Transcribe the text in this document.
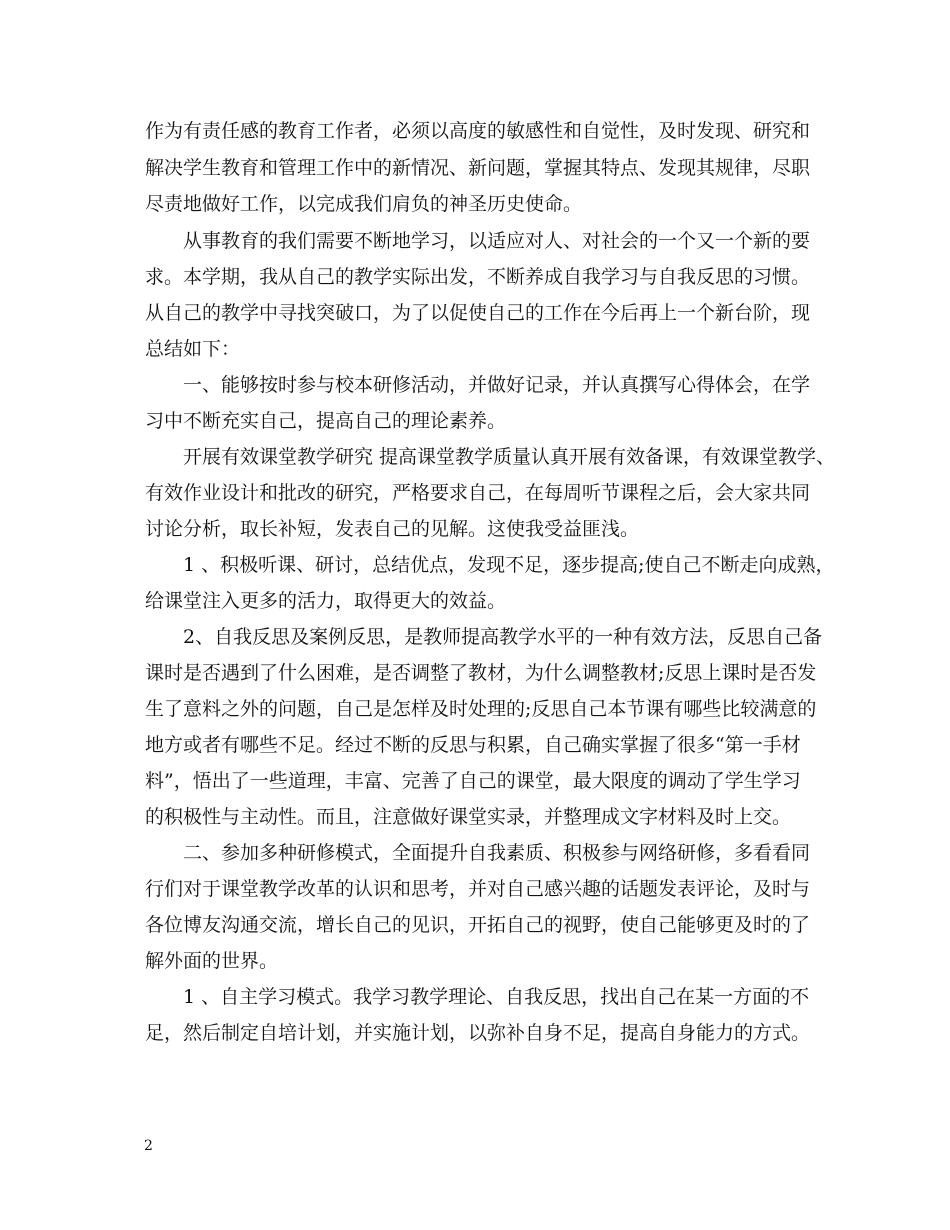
作为有责任感的教育工作者，必须以高度的敏感性和自觉性，及时发现、研究和
解决学生教育和管理工作中的新情况、新问题，掌握其特点、发现其规律，尽职
尽责地做好工作，以完成我们肩负的神圣历史使命。
从事教育的我们需要不断地学习，以适应对人、对社会的一个又一个新的要
求。本学期，我从自己的教学实际出发，不断养成自我学习与自我反思的习惯。
从自己的教学中寻找突破口，为了以促使自己的工作在今后再上一个新台阶，现
总结如下：
一、能够按时参与校本研修活动，并做好记录，并认真撰写心得体会，在学
习中不断充实自己，提高自己的理论素养。
开展有效课堂教学研究 提高课堂教学质量认真开展有效备课，有效课堂教学、
有效作业设计和批改的研究，严格要求自己，在每周听节课程之后，会大家共同
讨论分析，取长补短，发表自己的见解。这使我受益匪浅。
1 、积极听课、研讨，总结优点，发现不足，逐步提高;使自己不断走向成熟，
给课堂注入更多的活力，取得更大的效益。
2、自我反思及案例反思，是教师提高教学水平的一种有效方法，反思自己备
课时是否遇到了什么困难，是否调整了教材，为什么调整教材;反思上课时是否发
生了意料之外的问题，自己是怎样及时处理的;反思自己本节课有哪些比较满意的
地方或者有哪些不足。经过不断的反思与积累，自己确实掌握了很多“第一手材
料”，悟出了一些道理，丰富、完善了自己的课堂，最大限度的调动了学生学习
的积极性与主动性。而且，注意做好课堂实录，并整理成文字材料及时上交。
二、参加多种研修模式，全面提升自我素质、积极参与网络研修，多看看同
行们对于课堂教学改革的认识和思考，并对自己感兴趣的话题发表评论，及时与
各位博友沟通交流，增长自己的见识，开拓自己的视野，使自己能够更及时的了
解外面的世界。
1 、自主学习模式。我学习教学理论、自我反思，找出自己在某一方面的不
足，然后制定自培计划，并实施计划，以弥补自身不足，提高自身能力的方式。
2
